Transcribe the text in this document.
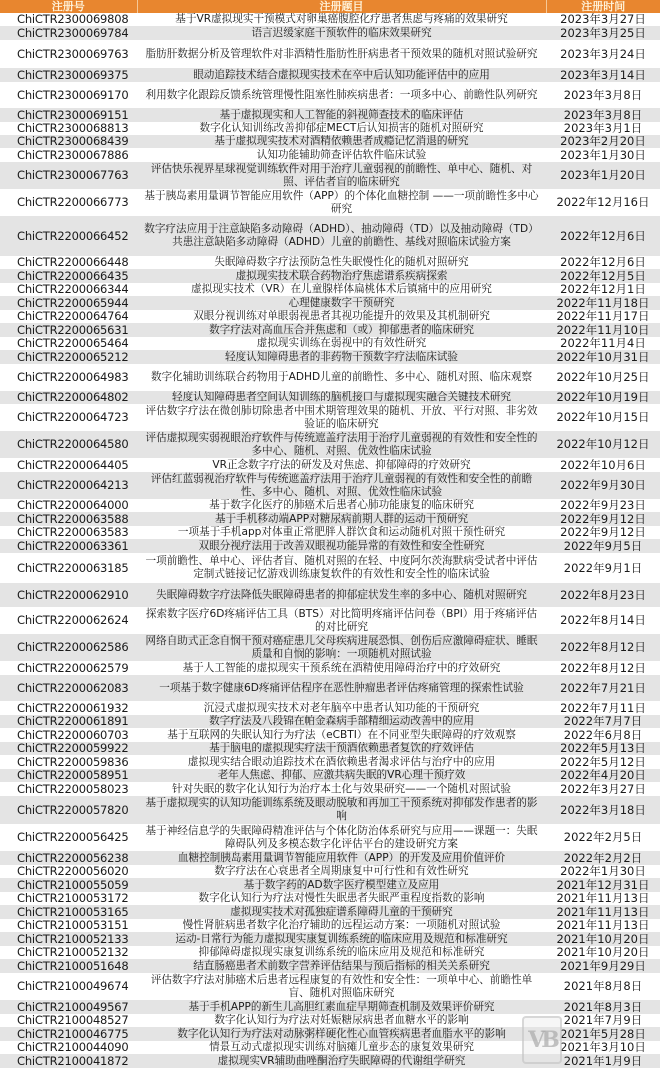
注册号	注册题目	注册时间
ChiCTR2300069808	基于VR虚拟现实干预模式对卵巢癌腹腔化疗患者焦虑与疼痛的效果研究	2023年3月27日
ChiCTR2300069784	语言迟缓家庭干预软件的临床效果研究	2023年3月25日
ChiCTR2300069763	脂肪肝数据分析及管理软件对非酒精性脂肪性肝病患者干预效果的随机对照试验研究	2023年3月24日
ChiCTR2300069375	眼动追踪技术结合虚拟现实技术在卒中后认知功能评估中的应用	2023年3月14日
ChiCTR2300069170	利用数字化跟踪反馈系统管理慢性阻塞性肺疾病患者：一项多中心、前瞻性队列研究	2023年3月8日
ChiCTR2300069151	基于虚拟现实和人工智能的斜视筛查技术的临床评估	2023年3月8日
ChiCTR2300068813	数字化认知训练改善抑郁症MECT后认知损害的随机对照研究	2023年3月1日
ChiCTR2300068439	基于虚拟现实技术对酒精依赖患者成瘾记忆消退的研究	2023年2月20日
ChiCTR2300067886	认知功能辅助筛查评估软件临床试验	2023年1月30日
ChiCTR2300067763	评估快乐视界星球视觉训练软件对用于治疗儿童弱视的前瞻性、单中心、随机、对照、评估者盲的临床研究	2023年1月20日
ChiCTR2200066773	基于胰岛素用量调节智能应用软件（APP）的个体化血糖控制 ——一项前瞻性多中心研究	2022年12月16日
ChiCTR2200066452	数字疗法应用于注意缺陷多动障碍（ADHD）、抽动障碍（TD）以及抽动障碍（TD）共患注意缺陷多动障碍（ADHD）儿童的前瞻性、基线对照临床试验方案	2022年12月6日
ChiCTR2200066448	失眠障碍数字疗法预防急性失眠慢性化的随机对照研究	2022年12月6日
ChiCTR2200066435	虚拟现实技术联合药物治疗焦虑谱系疾病探索	2022年12月5日
ChiCTR2200066344	虚拟现实技术（VR）在儿童腺样体扁桃体术后镇痛中的应用研究	2022年12月1日
ChiCTR2200065944	心理健康数字干预研究	2022年11月18日
ChiCTR2200064764	双眼分视训练对单眼弱视患者其视功能提升的效果及其机制研究	2022年11月17日
ChiCTR2200065631	数字疗法对高血压合并焦虑和（或）抑郁患者的临床研究	2022年11月10日
ChiCTR2200065464	虚拟现实训练在弱视中的有效性研究	2022年11月4日
ChiCTR2200065212	轻度认知障碍患者的非药物干预数字疗法临床试验	2022年10月31日
ChiCTR2200064983	数字化辅助训练联合药物用于ADHD儿童的前瞻性、多中心、随机对照、临床观察	2022年10月25日
ChiCTR2200064802	轻度认知障碍患者空间认知训练的脑机接口与虚拟现实融合关键技术研究	2022年10月19日
ChiCTR2200064723	评估数字疗法在微创肺切除患者中围术期管理效果的随机、开放、平行对照、非劣效验证的临床研究	2022年10月15日
ChiCTR2200064580	评估虚拟现实弱视眼治疗软件与传统遮盖疗法用于治疗儿童弱视的有效性和安全性的多中心、随机、对照、优效性临床试验	2022年10月12日
ChiCTR2200064405	VR正念数字疗法的研发及对焦虑、抑郁障碍的疗效研究	2022年10月6日
ChiCTR2200064213	评估红蓝弱视治疗软件与传统遮盖疗法用于治疗儿童弱视的有效性和安全性的前瞻性、多中心、随机、对照、优效性临床试验	2022年9月30日
ChiCTR2200064000	基于数字化医疗的肺癌术后患者心肺功能康复的临床研究	2022年9月23日
ChiCTR2200063588	基于手机移动端APP对糖尿病前期人群的运动干预研究	2022年9月12日
ChiCTR2200063583	一项基于手机app对体重正常肥胖人群饮食和运动随机对照干预性研究	2022年9月12日
ChiCTR2200063361	双眼分视疗法用于改善双眼视功能异常的有效性和安全性研究	2022年9月5日
ChiCTR2200063185	一项前瞻性、单中心、评估者盲、随机对照的在轻、中度阿尔茨海默病受试者中评估定制式链接记忆游戏训练康复软件的有效性和安全性的临床试验	2022年9月1日
ChiCTR2200062910	失眠障碍数字疗法降低失眠障碍患者的抑郁症状发生率的多中心、随机对照研究	2022年8月23日
ChiCTR2200062624	探索数字医疗6D疼痛评估工具（BTS）对比简明疼痛评估问卷（BPI）用于疼痛评估的对比研究	2022年8月14日
ChiCTR2200062586	网络自助式正念自悯干预对癌症患儿父母疾病进展恐惧、创伤后应激障碍症状、睡眠质量和自悯的影响：一项随机对照试验	2022年8月12日
ChiCTR2200062579	基于人工智能的虚拟现实干预系统在酒精使用障碍治疗中的疗效研究	2022年8月12日
ChiCTR2200062083	一项基于数字健康6D疼痛评估程序在恶性肿瘤患者评估疼痛管理的探索性试验	2022年7月21日
ChiCTR2200061932	沉浸式虚拟现实技术对老年脑卒中患者认知功能的干预研究	2022年7月11日
ChiCTR2200061891	数字疗法及八段锦在帕金森病手部精细运动改善中的应用	2022年7月7日
ChiCTR2200060703	基于互联网的失眠认知行为疗法（eCBTI）在不同亚型失眠障碍的疗效观察	2022年6月8日
ChiCTR2200059922	基于脑电的虚拟现实疗法干预酒依赖患者复饮的疗效评估	2022年5月13日
ChiCTR2200059836	虚拟现实结合眼动追踪技术在酒依赖患者渴求评估与治疗中的应用	2022年5月12日
ChiCTR2200058951	老年人焦虑、抑郁、应激共病失眠的VR心理干预疗效	2022年4月20日
ChiCTR2200058023	针对失眠的数字化认知行为治疗本土化与效果研究——一个随机对照试验	2022年3月27日
ChiCTR2200057820	基于虚拟现实的认知功能训练系统及眼动脱敏和再加工干预系统对抑郁发作患者的影响	2022年3月18日
ChiCTR2200056425	基于神经信息学的失眠障碍精准评估与个体化防治体系研究与应用——课题一：失眠障碍队列及多模态数字化评估平台的建设研究方案	2022年2月5日
ChiCTR2200056238	血糖控制胰岛素用量调节智能应用软件（APP）的开发及应用价值评价	2022年2月2日
ChiCTR2200056020	数字疗法在心衰患者全周期康复中可行性和有效性研究	2022年1月30日
ChiCTR2100055059	基于数字药的AD数字医疗模型建立及应用	2021年12月31日
ChiCTR2100053172	数字化认知行为疗法对慢性失眠患者失眠严重程度指数的影响	2021年11月13日
ChiCTR2100053165	虚拟现实技术对孤独症谱系障碍儿童的干预研究	2021年11月13日
ChiCTR2100053151	慢性肾脏病患者数字化治疗辅助的远程运动方案：一项随机对照试验	2021年11月13日
ChiCTR2100052133	运动-日常行为能力虚拟现实康复训练系统的临床应用及规范和标准研究	2021年10月20日
ChiCTR2100052132	抑郁障碍虚拟现实康复训练系统的临床应用及规范和标准研究	2021年10月20日
ChiCTR2100051648	结直肠癌患者术前数字营养评估结果与预后指标的相关关系研究	2021年9月29日
ChiCTR2100049674	评估数字疗法对肺癌术后患者远程康复的有效性和安全性：一项单中心、前瞻性单盲、随机对照临床研究	2021年8月8日
ChiCTR2100049567	基于手机APP的新生儿高胆红素血症早期筛查机制及效果评价研究	2021年8月3日
ChiCTR2100048527	数字化认知行为疗法对妊娠糖尿病患者血糖水平的影响	2021年7月9日
ChiCTR2100046775	数字化认知行为疗法对动脉粥样硬化性心血管疾病患者血脂水平的影响	2021年5月28日
ChiCTR2100044090	情景互动式虚拟现实训练对脑瘫儿童步态的康复效果研究	2021年3月10日
ChiCTR2100041872	虚拟现实VR辅助曲唑酮治疗失眠障碍的代谢组学研究	2021年1月9日
VB
